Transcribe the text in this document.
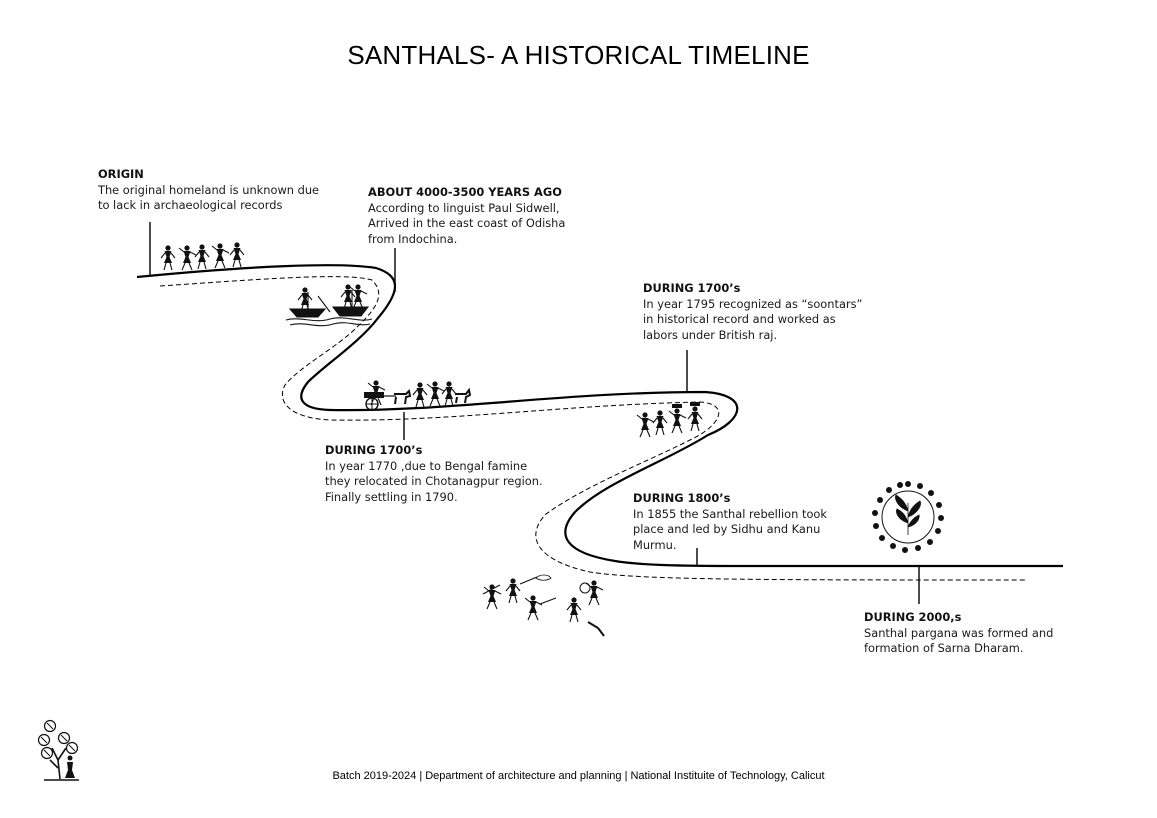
SANTHALS- A HISTORICAL TIMELINE
ORIGIN
The original homeland is unknown due
to lack in archaeological records
ABOUT 4000-3500 YEARS AGO
According to linguist Paul Sidwell,
Arrived in the east coast of Odisha
from Indochina.
DURING 1700’s
In year 1770 ,due to Bengal famine
they relocated in Chotanagpur region.
Finally settling in 1790.
DURING 1700’s
In year 1795 recognized as “soontars”
in historical record and worked as
labors under British raj.
DURING 1800’s
In 1855 the Santhal rebellion took
place and led by Sidhu and Kanu
Murmu.
DURING 2000,s
Santhal pargana was formed and
formation of Sarna Dharam.
Batch 2019-2024 | Department of architecture and planning | National Instituite of Technology, Calicut
